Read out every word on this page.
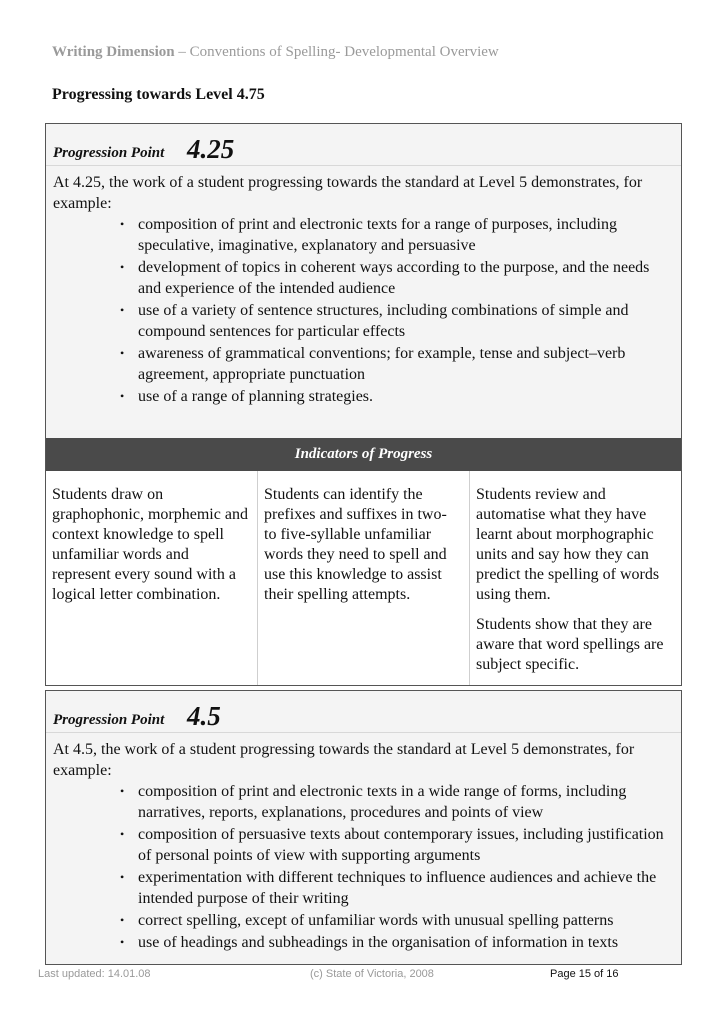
Writing Dimension – Conventions of Spelling- Developmental Overview
Progressing towards Level 4.75
Progression Point 4.25
At 4.25, the work of a student progressing towards the standard at Level 5 demonstrates, for example:
• composition of print and electronic texts for a range of purposes, including speculative, imaginative, explanatory and persuasive
• development of topics in coherent ways according to the purpose, and the needs and experience of the intended audience
• use of a variety of sentence structures, including combinations of simple and compound sentences for particular effects
• awareness of grammatical conventions; for example, tense and subject–verb agreement, appropriate punctuation
• use of a range of planning strategies.
Indicators of Progress

Students draw on graphophonic, morphemic and context knowledge to spell unfamiliar words and represent every sound with a logical letter combination.

Students can identify the prefixes and suffixes in two- to five-syllable unfamiliar words they need to spell and use this knowledge to assist their spelling attempts.

Students review and automatise what they have learnt about morphographic units and say how they can predict the spelling of words using them.

Students show that they are aware that word spellings are subject specific.

Progression Point 4.5
At 4.5, the work of a student progressing towards the standard at Level 5 demonstrates, for example:
• composition of print and electronic texts in a wide range of forms, including narratives, reports, explanations, procedures and points of view
• composition of persuasive texts about contemporary issues, including justification of personal points of view with supporting arguments
• experimentation with different techniques to influence audiences and achieve the intended purpose of their writing
• correct spelling, except of unfamiliar words with unusual spelling patterns
• use of headings and subheadings in the organisation of information in texts
Last updated: 14.01.08	(c) State of Victoria, 2008	Page 15 of 16
